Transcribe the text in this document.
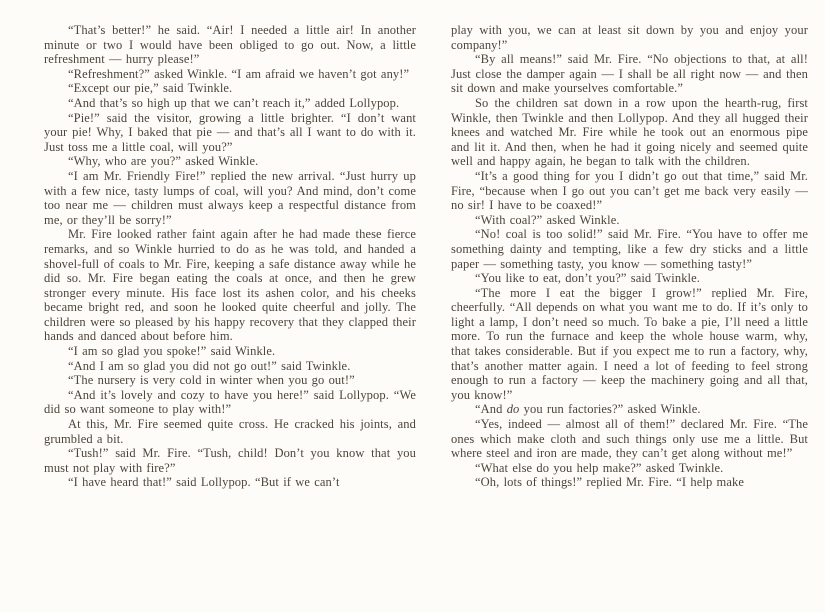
“That’s better!” he said. “Air! I needed a little air! In another minute or two I would have been obliged to go out. Now, a little refreshment — hurry please!”

“Refreshment?” asked Winkle. “I am afraid we haven’t got any!”

“Except our pie,” said Twinkle.

“And that’s so high up that we can’t reach it,” added Lollypop.

“Pie!” said the visitor, growing a little brighter. “I don’t want your pie! Why, I baked that pie — and that’s all I want to do with it. Just toss me a little coal, will you?”

“Why, who are you?” asked Winkle.

“I am Mr. Friendly Fire!” replied the new arrival. “Just hurry up with a few nice, tasty lumps of coal, will you? And mind, don’t come too near me — children must always keep a respectful distance from me, or they’ll be sorry!”

Mr. Fire looked rather faint again after he had made these fierce remarks, and so Winkle hurried to do as he was told, and handed a shovel-full of coals to Mr. Fire, keeping a safe distance away while he did so. Mr. Fire began eating the coals at once, and then he grew stronger every minute. His face lost its ashen color, and his cheeks became bright red, and soon he looked quite cheerful and jolly. The children were so pleased by his happy recovery that they clapped their hands and danced about before him.

“I am so glad you spoke!” said Winkle.

“And I am so glad you did not go out!” said Twinkle.

“The nursery is very cold in winter when you go out!”

“And it’s lovely and cozy to have you here!” said Lollypop. “We did so want someone to play with!”

At this, Mr. Fire seemed quite cross. He cracked his joints, and grumbled a bit.

“Tush!” said Mr. Fire. “Tush, child! Don’t you know that you must not play with fire?”

“I have heard that!” said Lollypop. “But if we can’t

play with you, we can at least sit down by you and enjoy your company!”

“By all means!” said Mr. Fire. “No objections to that, at all! Just close the damper again — I shall be all right now — and then sit down and make yourselves comfortable.”

So the children sat down in a row upon the hearth-rug, first Winkle, then Twinkle and then Lollypop. And they all hugged their knees and watched Mr. Fire while he took out an enormous pipe and lit it. And then, when he had it going nicely and seemed quite well and happy again, he began to talk with the children.

“It’s a good thing for you I didn’t go out that time,” said Mr. Fire, “because when I go out you can’t get me back very easily — no sir! I have to be coaxed!”

“With coal?” asked Winkle.

“No! coal is too solid!” said Mr. Fire. “You have to offer me something dainty and tempting, like a few dry sticks and a little paper — something tasty, you know — something tasty!”

“You like to eat, don’t you?” said Twinkle.

“The more I eat the bigger I grow!” replied Mr. Fire, cheerfully. “All depends on what you want me to do. If it’s only to light a lamp, I don’t need so much. To bake a pie, I’ll need a little more. To run the furnace and keep the whole house warm, why, that takes considerable. But if you expect me to run a factory, why, that’s another matter again. I need a lot of feeding to feel strong enough to run a factory — keep the machinery going and all that, you know!”

“And do you run factories?” asked Winkle.

“Yes, indeed — almost all of them!” declared Mr. Fire. “The ones which make cloth and such things only use me a little. But where steel and iron are made, they can’t get along without me!”

“What else do you help make?” asked Twinkle.

“Oh, lots of things!” replied Mr. Fire. “I help make
